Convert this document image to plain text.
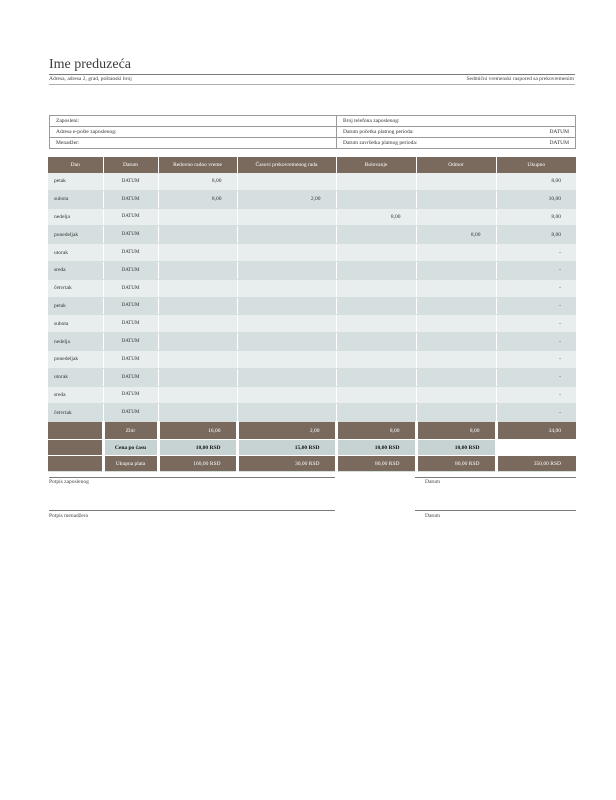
Ime preduzeća
Adresa, adresa 2, grad, poštanski broj	Sedmični vremenski raspored sa prekovremenim
Zaposleni:	Broj telefona zaposlenog:	
Adresa e-pošte zaposlenog:	Datum početka platnog perioda:	DATUM
Menadžer:	Datum završetka platnog perioda:	DATUM
Dan	Datum	Redovno radno vreme	Časovi prekovremenog rada	Bolovanje	Odmor	Ukupno
petak	DATUM	8,00				8,00
subota	DATUM	8,00	2,00			10,00
nedelja	DATUM			8,00		8,00
ponedeljak	DATUM				8,00	8,00
utorak	DATUM					-
sreda	DATUM					-
četvrtak	DATUM					-
petak	DATUM					-
subota	DATUM					-
nedelja	DATUM					-
ponedeljak	DATUM					-
utorak	DATUM					-
sreda	DATUM					-
četvrtak	DATUM					-
	Zbir	16,00	2,00	8,00	8,00	34,00
	Cena po času	10,00 RSD	15,00 RSD	10,00 RSD	10,00 RSD	
	Ukupna plata	160,00 RSD	30,00 RSD	80,00 RSD	80,00 RSD	350,00 RSD
Potpis zaposlenog	Datum
Potpis menadžera	Datum
